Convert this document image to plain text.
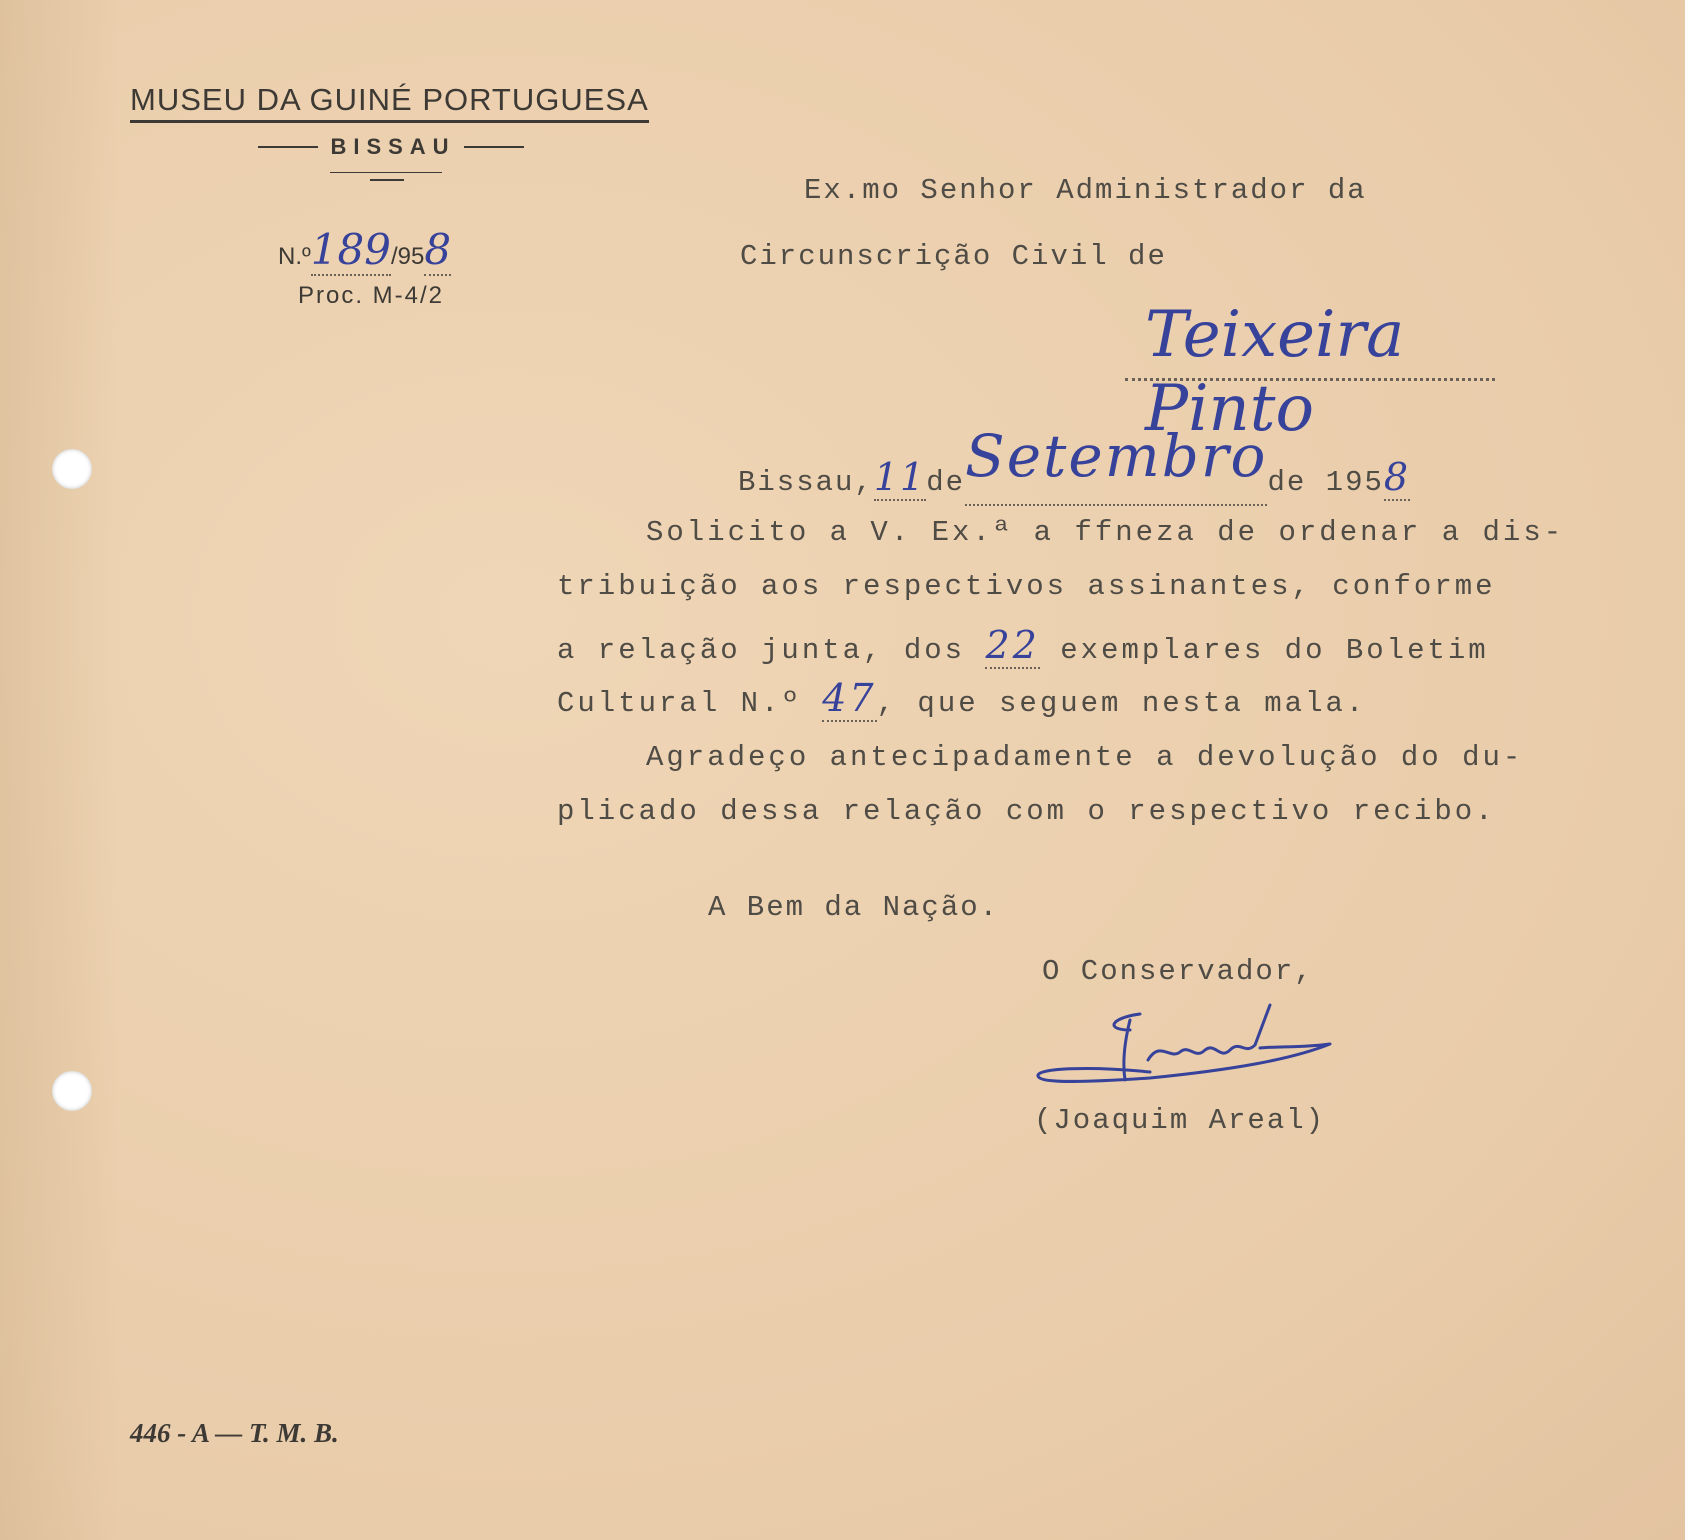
MUSEU DA GUINÉ PORTUGUESA
BISSAU
N.º189/958
Proc. M-4/2
Ex.mo Senhor Administrador da
Circunscrição Civil de
Teixeira Pinto
Bissau,11deSetembrode 1958
Solicito a V. Ex.ª a ffneza de ordenar a dis-
tribuição aos respectivos assinantes, conforme
a relação junta, dos 22 exemplares do Boletim
Cultural N.º 47, que seguem nesta mala.
Agradeço antecipadamente a devolução do du-
plicado dessa relação com o respectivo recibo.
A Bem da Nação.
O Conservador,
(Joaquim Areal)
446 - A — T. M. B.
